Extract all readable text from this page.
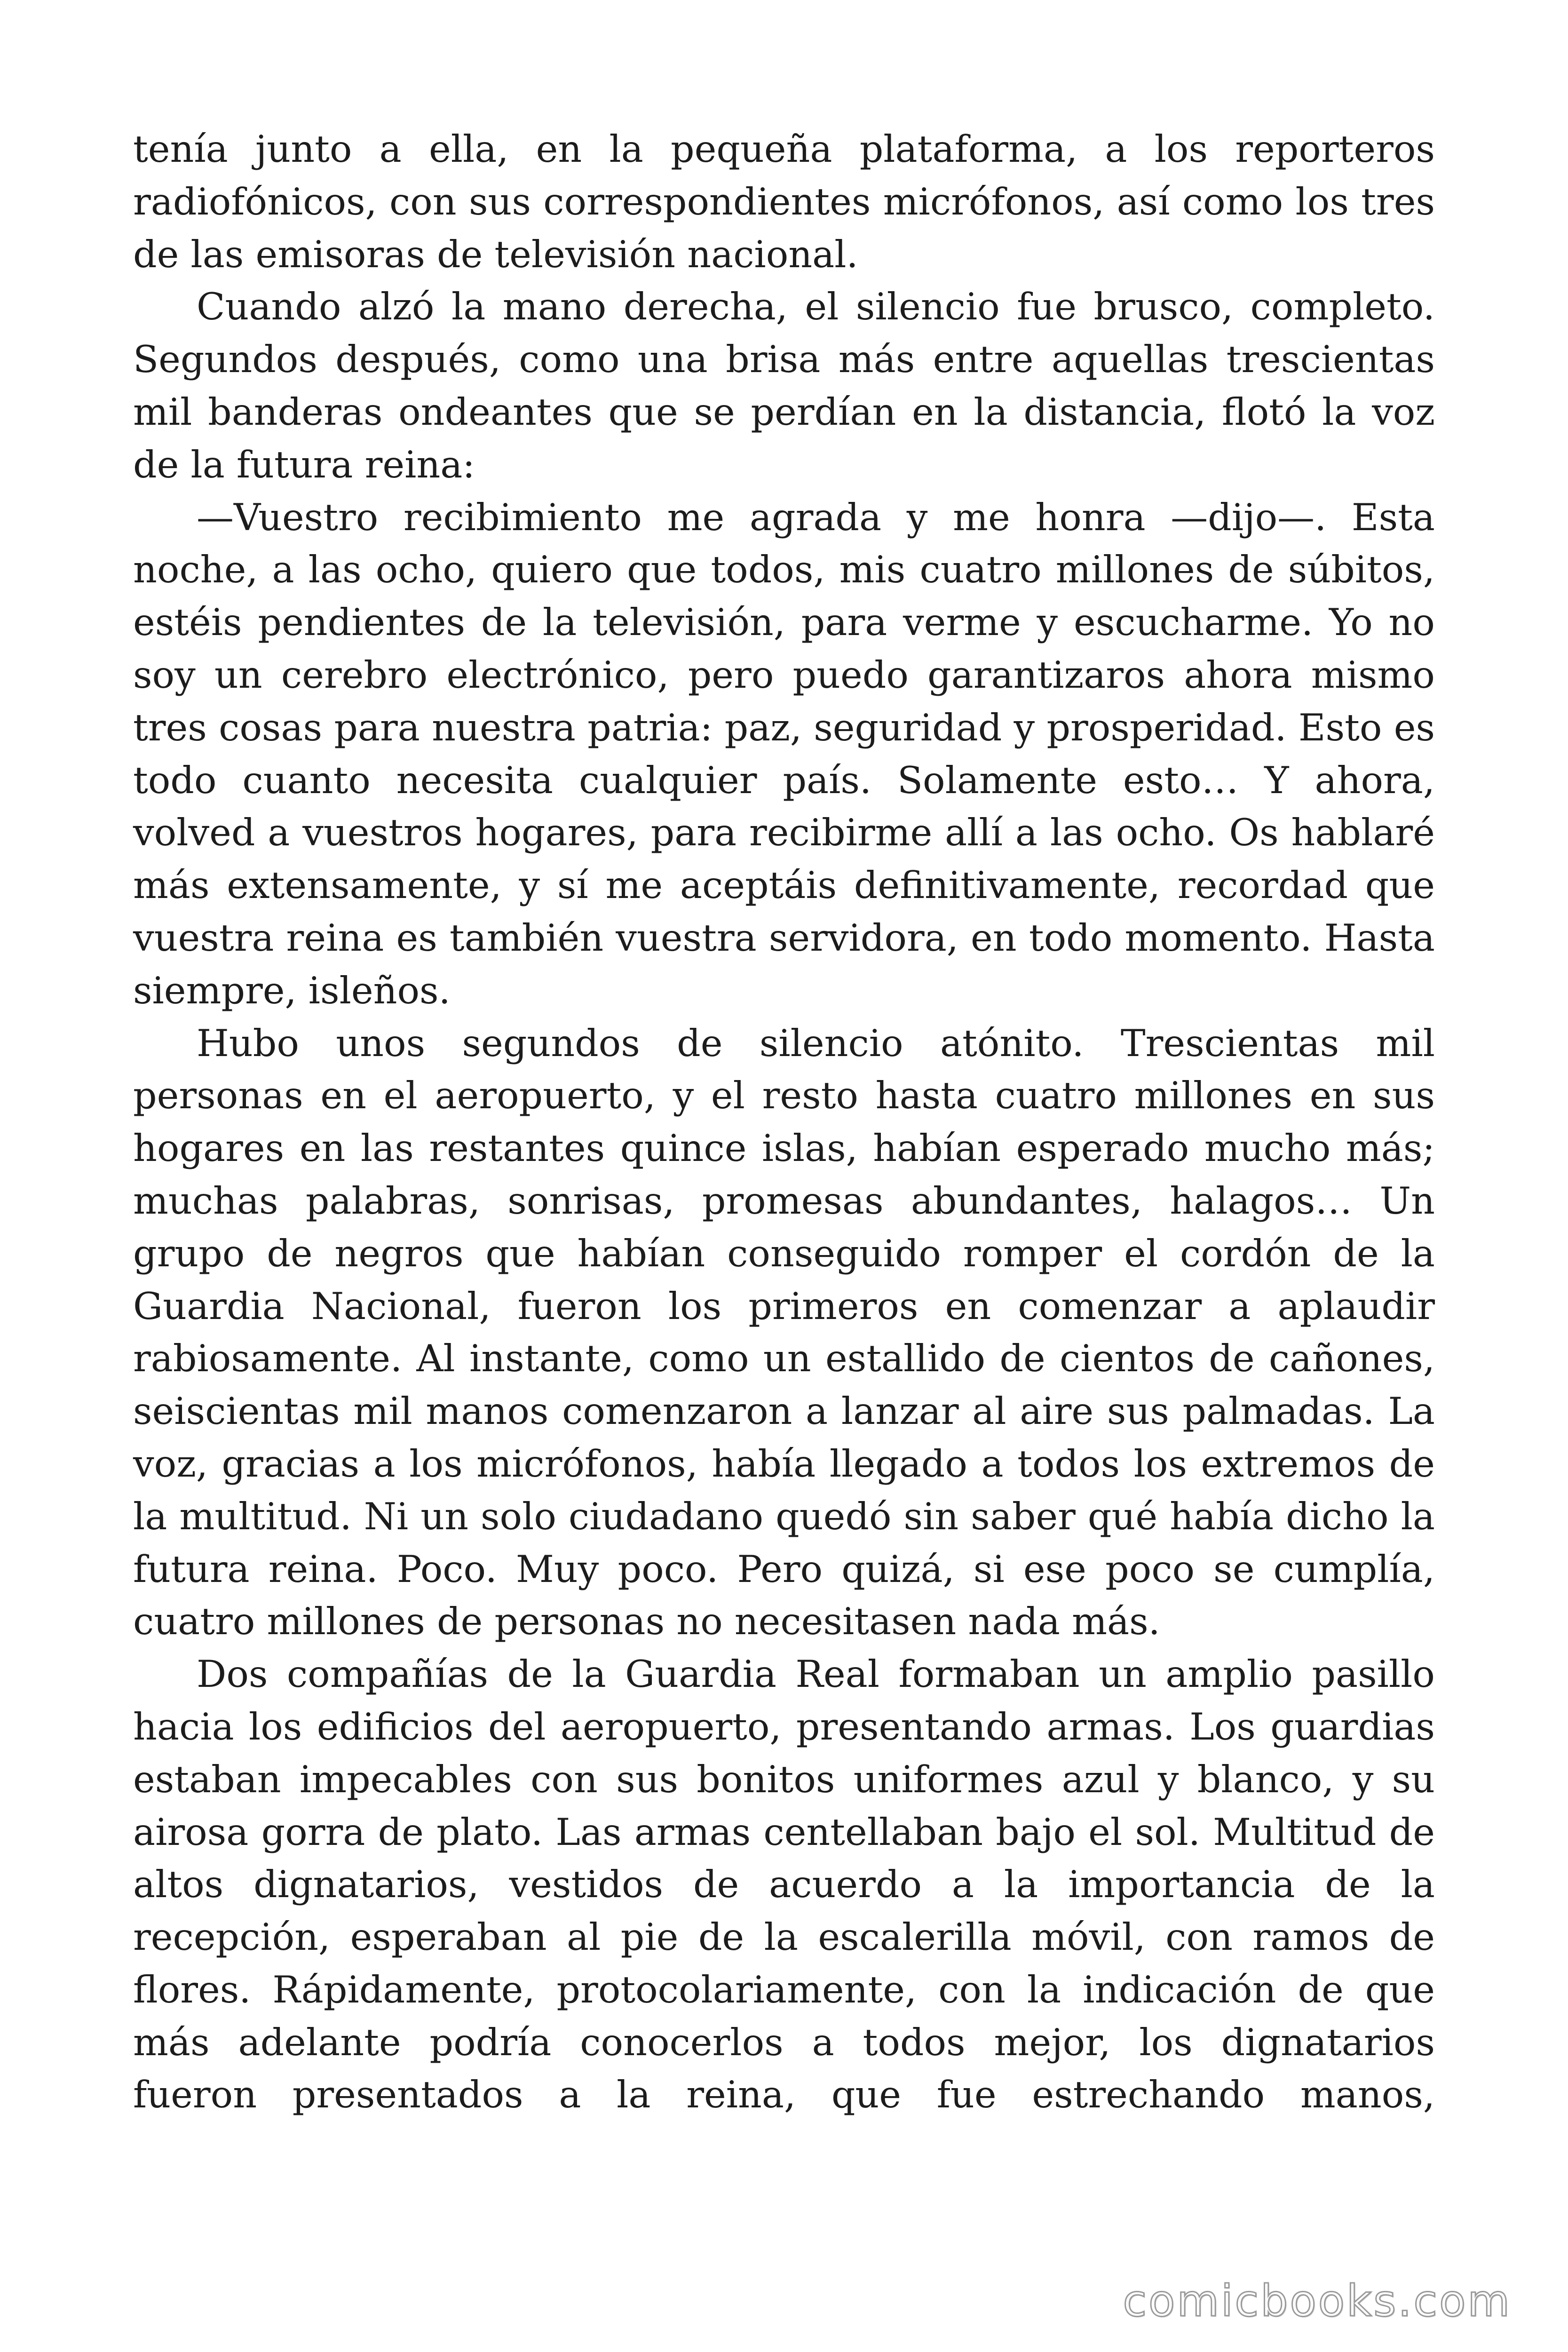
tenía junto a ella, en la pequeña plataforma, a los reporteros radiofónicos, con sus correspondientes micrófonos, así como los tres de las emisoras de televisión nacional.

Cuando alzó la mano derecha, el silencio fue brusco, completo. Segundos después, como una brisa más entre aquellas trescientas mil banderas ondeantes que se perdían en la distancia, flotó la voz de la futura reina:

—Vuestro recibimiento me agrada y me honra —dijo—. Esta noche, a las ocho, quiero que todos, mis cuatro millones de súbitos, estéis pendientes de la televisión, para verme y escucharme. Yo no soy un cerebro electrónico, pero puedo garantizaros ahora mismo tres cosas para nuestra patria: paz, seguridad y prosperidad. Esto es todo cuanto necesita cualquier país. Solamente esto… Y ahora, volved a vuestros hogares, para recibirme allí a las ocho. Os hablaré más extensamente, y sí me aceptáis definitivamente, recordad que vuestra reina es también vuestra servidora, en todo momento. Hasta siempre, isleños.

Hubo unos segundos de silencio atónito. Trescientas mil personas en el aeropuerto, y el resto hasta cuatro millones en sus hogares en las restantes quince islas, habían esperado mucho más; muchas palabras, sonrisas, promesas abundantes, halagos… Un grupo de negros que habían conseguido romper el cordón de la Guardia Nacional, fueron los primeros en comenzar a aplaudir rabiosamente. Al instante, como un estallido de cientos de cañones, seiscientas mil manos comenzaron a lanzar al aire sus palmadas. La voz, gracias a los micrófonos, había llegado a todos los extremos de la multitud. Ni un solo ciudadano quedó sin saber qué había dicho la futura reina. Poco. Muy poco. Pero quizá, si ese poco se cumplía, cuatro millones de personas no necesitasen nada más.

Dos compañías de la Guardia Real formaban un amplio pasillo hacia los edificios del aeropuerto, presentando armas. Los guardias estaban impecables con sus bonitos uniformes azul y blanco, y su airosa gorra de plato. Las armas centellaban bajo el sol. Multitud de altos dignatarios, vestidos de acuerdo a la importancia de la recepción, esperaban al pie de la escalerilla móvil, con ramos de flores. Rápidamente, protocolariamente, con la indicación de que más adelante podría conocerlos a todos mejor, los dignatarios fueron presentados a la reina, que fue estrechando manos,

comicbooks.com
